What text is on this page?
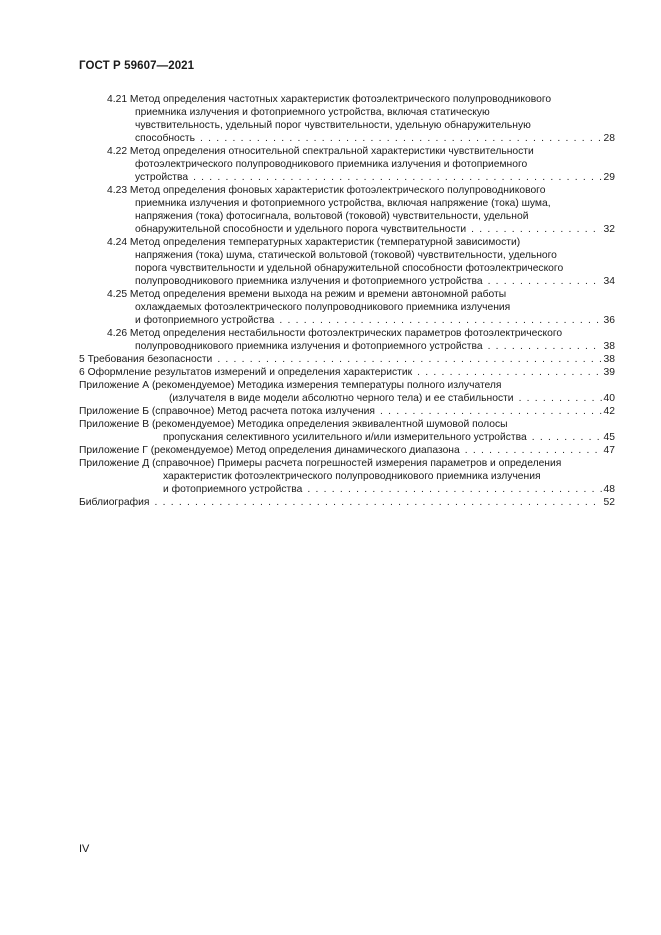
ГОСТ Р 59607—2021
4.21 Метод определения частотных характеристик фотоэлектрического полупроводникового
приемника излучения и фотоприемного устройства, включая статическую
чувствительность, удельный порог чувствительности, удельную обнаружительную
способность . . .	28
4.22 Метод определения относительной спектральной характеристики чувствительности
фотоэлектрического полупроводникового приемника излучения и фотоприемного
устройства . . .	29
4.23 Метод определения фоновых характеристик фотоэлектрического полупроводникового
приемника излучения и фотоприемного устройства, включая напряжение (тока) шума,
напряжения (тока) фотосигнала, вольтовой (токовой) чувствительности, удельной
обнаружительной способности и удельного порога чувствительности . . .	32
4.24 Метод определения температурных характеристик (температурной зависимости)
напряжения (тока) шума, статической вольтовой (токовой) чувствительности, удельного
порога чувствительности и удельной обнаружительной способности фотоэлектрического
полупроводникового приемника излучения и фотоприемного устройства . . .	34
4.25 Метод определения времени выхода на режим и времени автономной работы
охлаждаемых фотоэлектрического полупроводникового приемника излучения
и фотоприемного устройства . . .	36
4.26 Метод определения нестабильности фотоэлектрических параметров фотоэлектрического
полупроводникового приемника излучения и фотоприемного устройства . . .	38
5 Требования безопасности . . .	38
6 Оформление результатов измерений и определения характеристик . . .	39
Приложение А (рекомендуемое) Методика измерения температуры полного излучателя
(излучателя в виде модели абсолютно черного тела) и ее стабильности . . .	40
Приложение Б (справочное) Метод расчета потока излучения . . .	42
Приложение В (рекомендуемое) Методика определения эквивалентной шумовой полосы
пропускания селективного усилительного и/или измерительного устройства . . .	45
Приложение Г (рекомендуемое) Метод определения динамического диапазона . . .	47
Приложение Д (справочное) Примеры расчета погрешностей измерения параметров и определения
характеристик фотоэлектрического полупроводникового приемника излучения
и фотоприемного устройства . . .	48
Библиография . . .	52
IV
